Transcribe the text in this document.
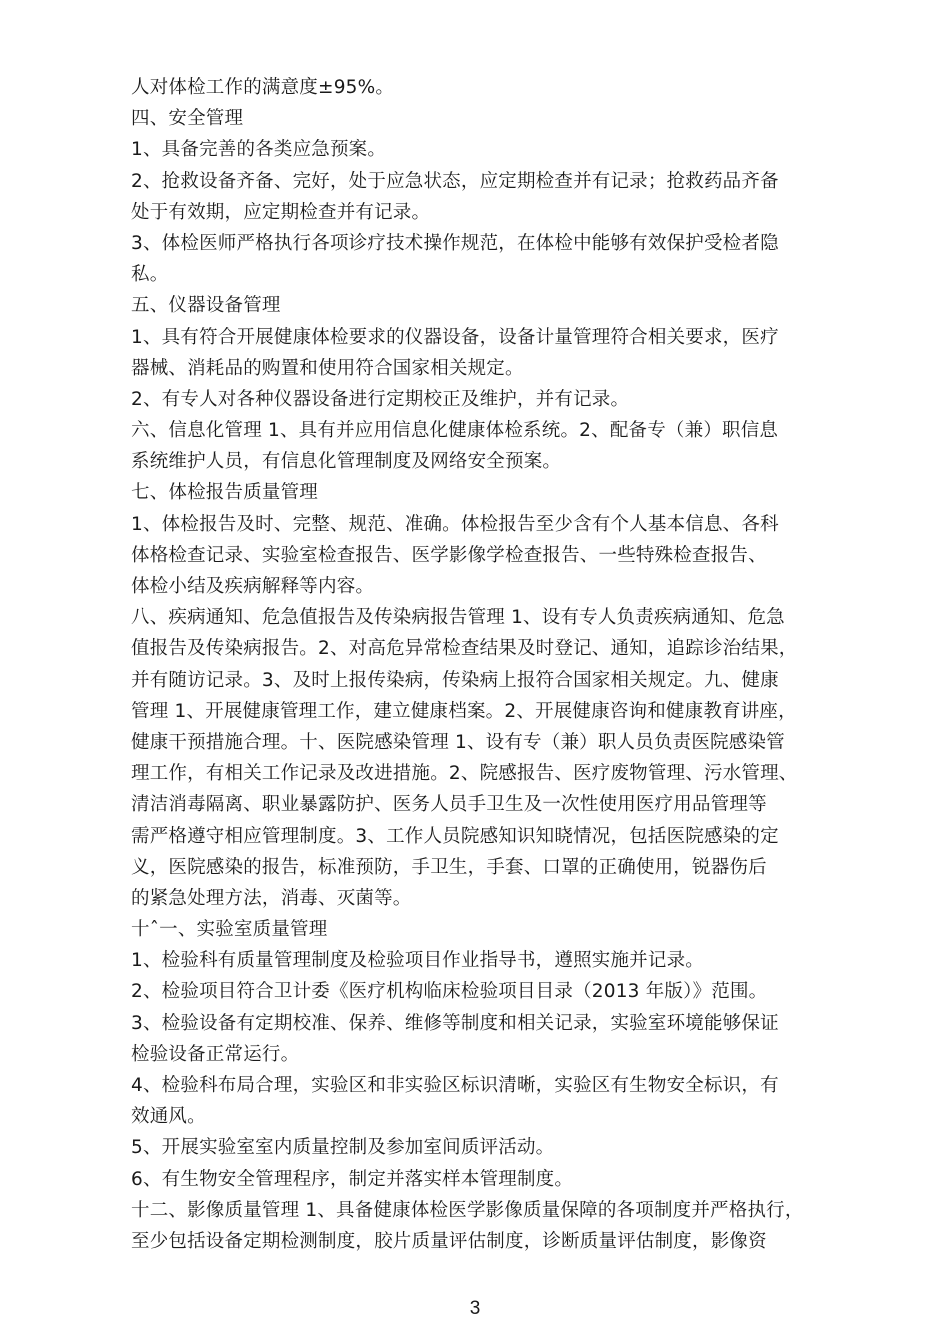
人对体检工作的满意度±95%。
四、安全管理
1、具备完善的各类应急预案。
2、抢救设备齐备、完好，处于应急状态，应定期检查并有记录；抢救药品齐备
处于有效期，应定期检查并有记录。
3、体检医师严格执行各项诊疗技术操作规范，在体检中能够有效保护受检者隐
私。
五、仪器设备管理
1、具有符合开展健康体检要求的仪器设备，设备计量管理符合相关要求，医疗
器械、消耗品的购置和使用符合国家相关规定。
2、有专人对各种仪器设备进行定期校正及维护，并有记录。
六、信息化管理 1、具有并应用信息化健康体检系统。2、配备专（兼）职信息
系统维护人员，有信息化管理制度及网络安全预案。
七、体检报告质量管理
1、体检报告及时、完整、规范、准确。体检报告至少含有个人基本信息、各科
体格检查记录、实验室检查报告、医学影像学检查报告、一些特殊检查报告、
体检小结及疾病解释等内容。
八、疾病通知、危急值报告及传染病报告管理 1、设有专人负责疾病通知、危急
值报告及传染病报告。2、对高危异常检查结果及时登记、通知，追踪诊治结果，
并有随访记录。3、及时上报传染病，传染病上报符合国家相关规定。九、健康
管理 1、开展健康管理工作，建立健康档案。2、开展健康咨询和健康教育讲座，
健康干预措施合理。十、医院感染管理 1、设有专（兼）职人员负责医院感染管
理工作，有相关工作记录及改进措施。2、院感报告、医疗废物管理、污水管理、
清洁消毒隔离、职业暴露防护、医务人员手卫生及一次性使用医疗用品管理等
需严格遵守相应管理制度。3、工作人员院感知识知晓情况，包括医院感染的定
义，医院感染的报告，标准预防，手卫生，手套、口罩的正确使用，锐器伤后
的紧急处理方法，消毒、灭菌等。
十ˆ一、实验室质量管理
1、检验科有质量管理制度及检验项目作业指导书，遵照实施并记录。
2、检验项目符合卫计委《医疗机构临床检验项目目录（2013 年版）》范围。
3、检验设备有定期校准、保养、维修等制度和相关记录，实验室环境能够保证
检验设备正常运行。
4、检验科布局合理，实验区和非实验区标识清晰，实验区有生物安全标识，有
效通风。
5、开展实验室室内质量控制及参加室间质评活动。
6、有生物安全管理程序，制定并落实样本管理制度。
十二、影像质量管理 1、具备健康体检医学影像质量保障的各项制度并严格执行，
至少包括设备定期检测制度，胶片质量评估制度，诊断质量评估制度，影像资
3
